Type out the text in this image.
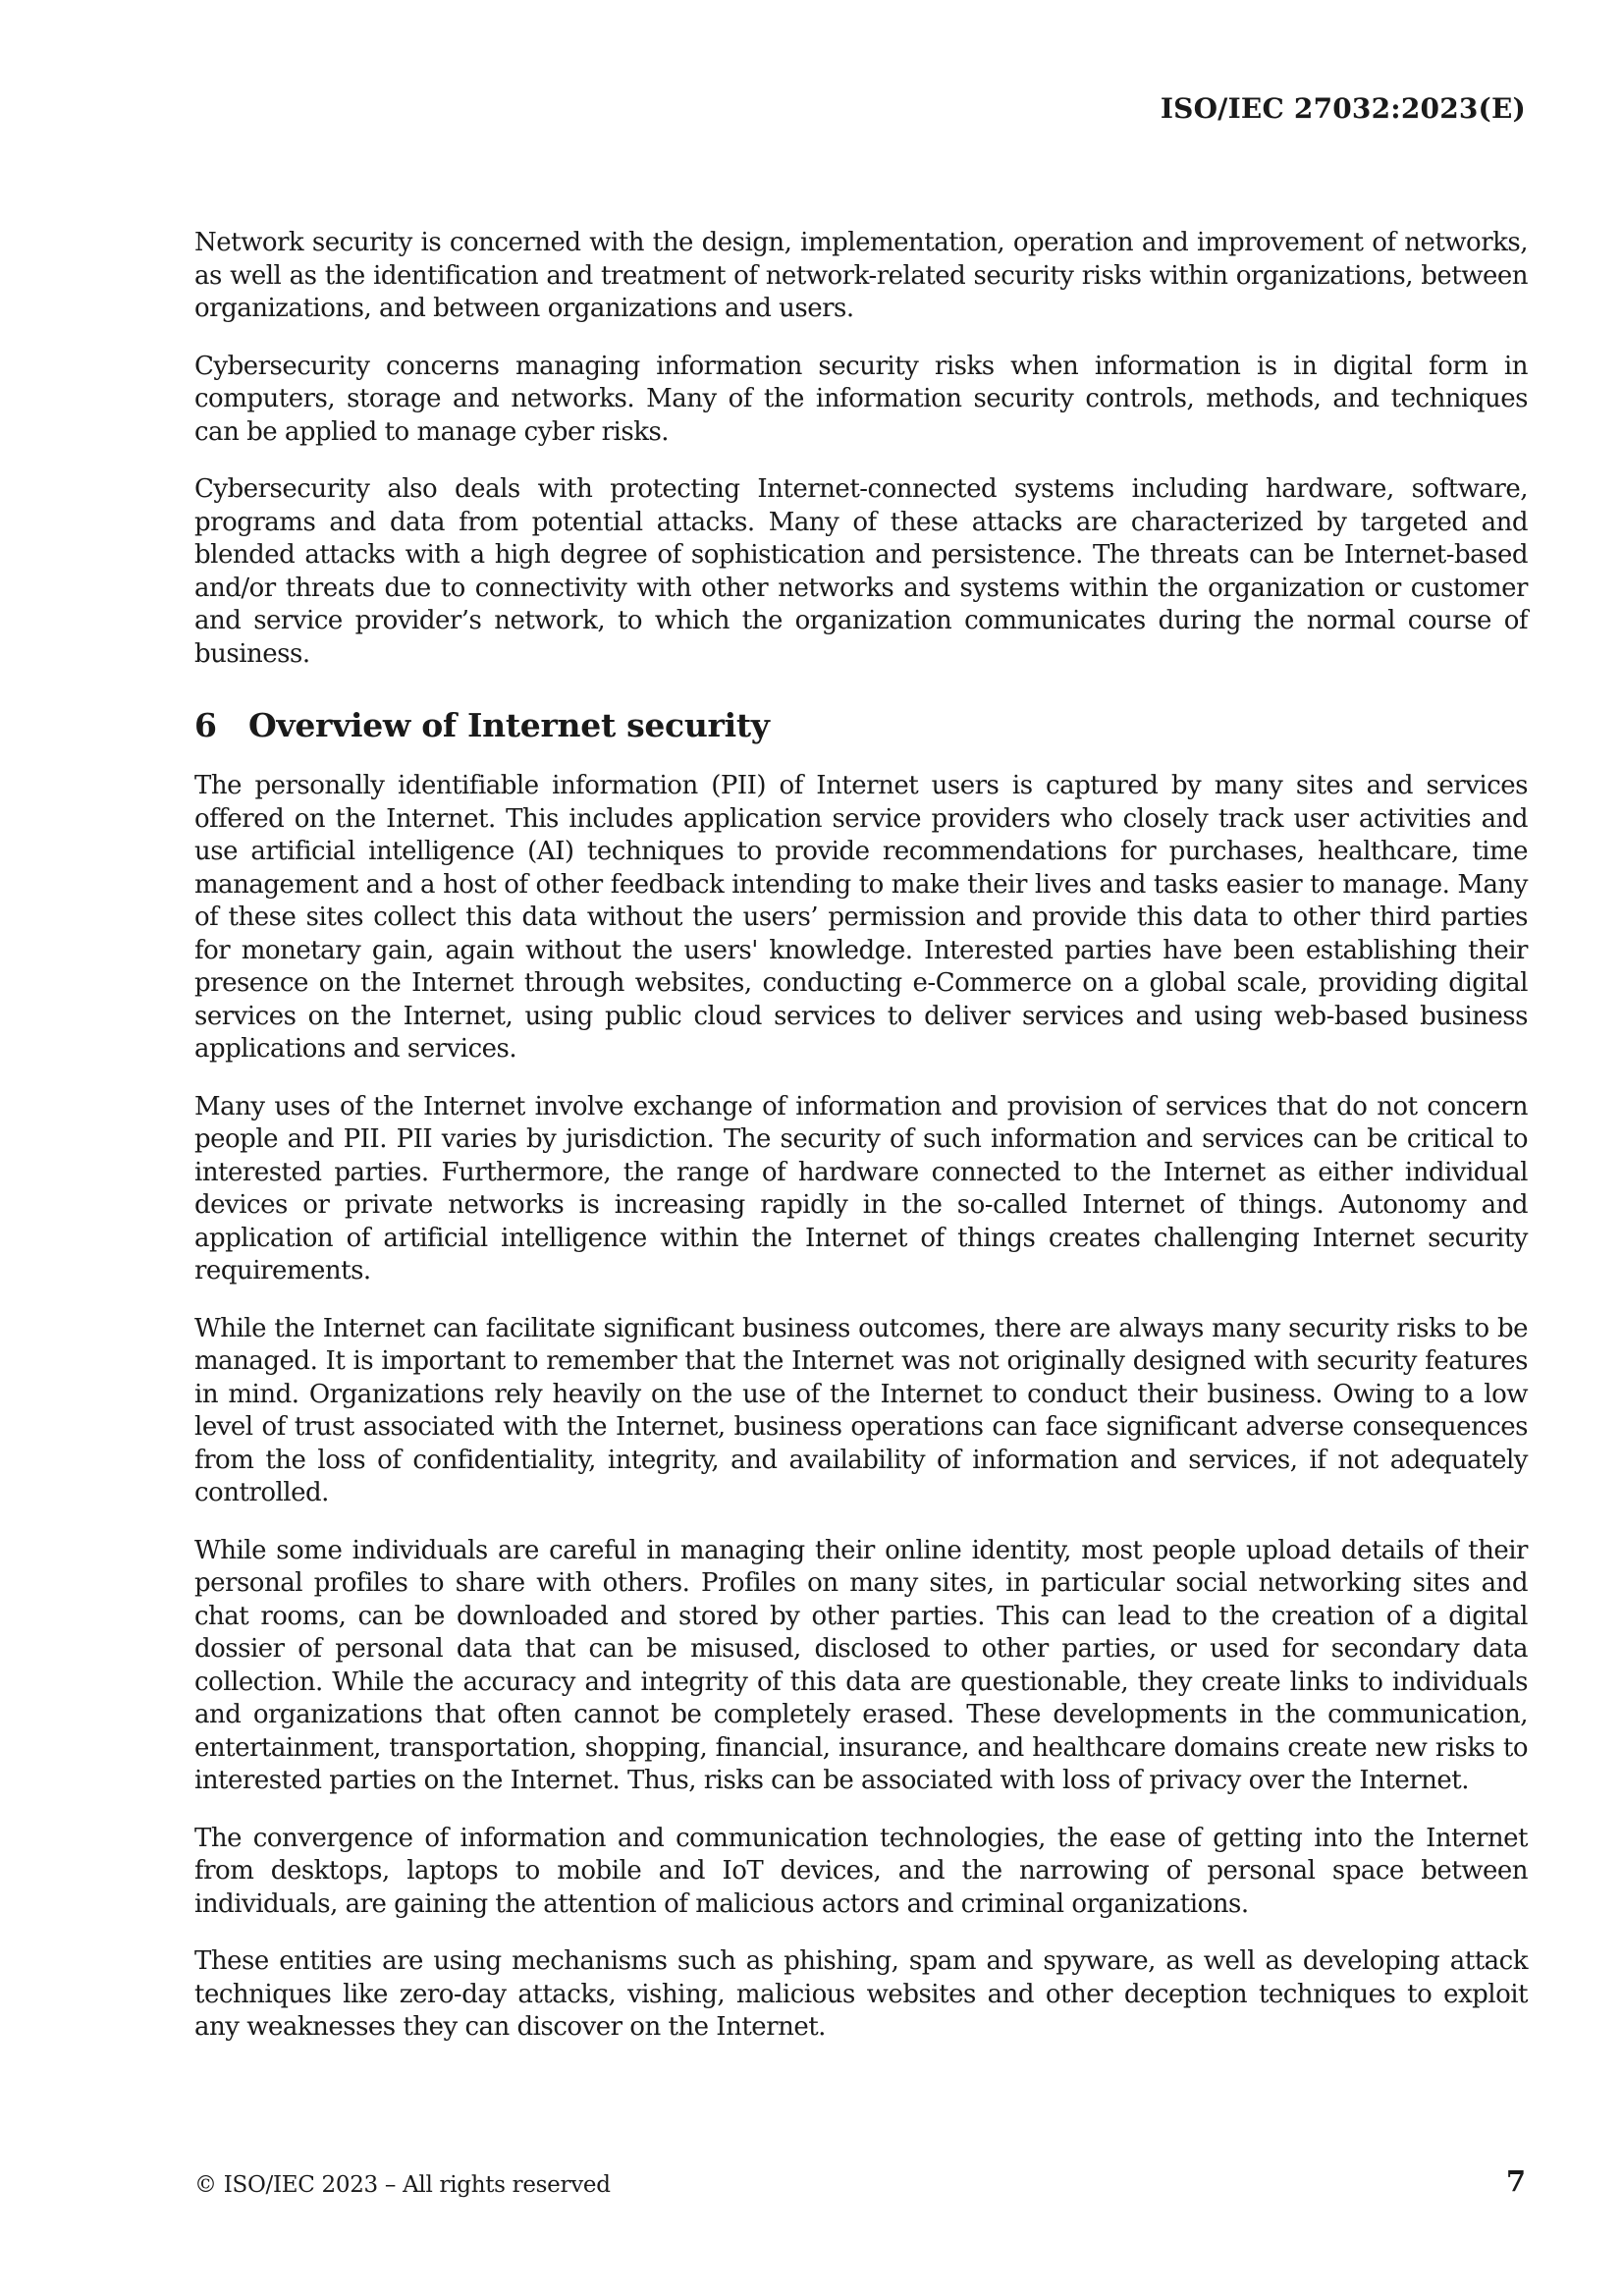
ISO/IEC 27032:2023(E)

Network security is concerned with the design, implementation, operation and improvement of networks, as well as the identification and treatment of network-related security risks within organizations, between organizations, and between organizations and users.

Cybersecurity concerns managing information security risks when information is in digital form in computers, storage and networks. Many of the information security controls, methods, and techniques can be applied to manage cyber risks.

Cybersecurity also deals with protecting Internet-connected systems including hardware, software, programs and data from potential attacks. Many of these attacks are characterized by targeted and blended attacks with a high degree of sophistication and persistence. The threats can be Internet-based and/or threats due to connectivity with other networks and systems within the organization or customer and service provider’s network, to which the organization communicates during the normal course of business.

6 Overview of Internet security

The personally identifiable information (PII) of Internet users is captured by many sites and services offered on the Internet. This includes application service providers who closely track user activities and use artificial intelligence (AI) techniques to provide recommendations for purchases, healthcare, time management and a host of other feedback intending to make their lives and tasks easier to manage. Many of these sites collect this data without the users’ permission and provide this data to other third parties for monetary gain, again without the users' knowledge. Interested parties have been establishing their presence on the Internet through websites, conducting e-Commerce on a global scale, providing digital services on the Internet, using public cloud services to deliver services and using web-based business applications and services.

Many uses of the Internet involve exchange of information and provision of services that do not concern people and PII. PII varies by jurisdiction. The security of such information and services can be critical to interested parties. Furthermore, the range of hardware connected to the Internet as either individual devices or private networks is increasing rapidly in the so-called Internet of things. Autonomy and application of artificial intelligence within the Internet of things creates challenging Internet security requirements.

While the Internet can facilitate significant business outcomes, there are always many security risks to be managed. It is important to remember that the Internet was not originally designed with security features in mind. Organizations rely heavily on the use of the Internet to conduct their business. Owing to a low level of trust associated with the Internet, business operations can face significant adverse consequences from the loss of confidentiality, integrity, and availability of information and services, if not adequately controlled.

While some individuals are careful in managing their online identity, most people upload details of their personal profiles to share with others. Profiles on many sites, in particular social networking sites and chat rooms, can be downloaded and stored by other parties. This can lead to the creation of a digital dossier of personal data that can be misused, disclosed to other parties, or used for secondary data collection. While the accuracy and integrity of this data are questionable, they create links to individuals and organizations that often cannot be completely erased. These developments in the communication, entertainment, transportation, shopping, financial, insurance, and healthcare domains create new risks to interested parties on the Internet. Thus, risks can be associated with loss of privacy over the Internet.

The convergence of information and communication technologies, the ease of getting into the Internet from desktops, laptops to mobile and IoT devices, and the narrowing of personal space between individuals, are gaining the attention of malicious actors and criminal organizations.

These entities are using mechanisms such as phishing, spam and spyware, as well as developing attack techniques like zero-day attacks, vishing, malicious websites and other deception techniques to exploit any weaknesses they can discover on the Internet.

© ISO/IEC 2023 – All rights reserved	7
